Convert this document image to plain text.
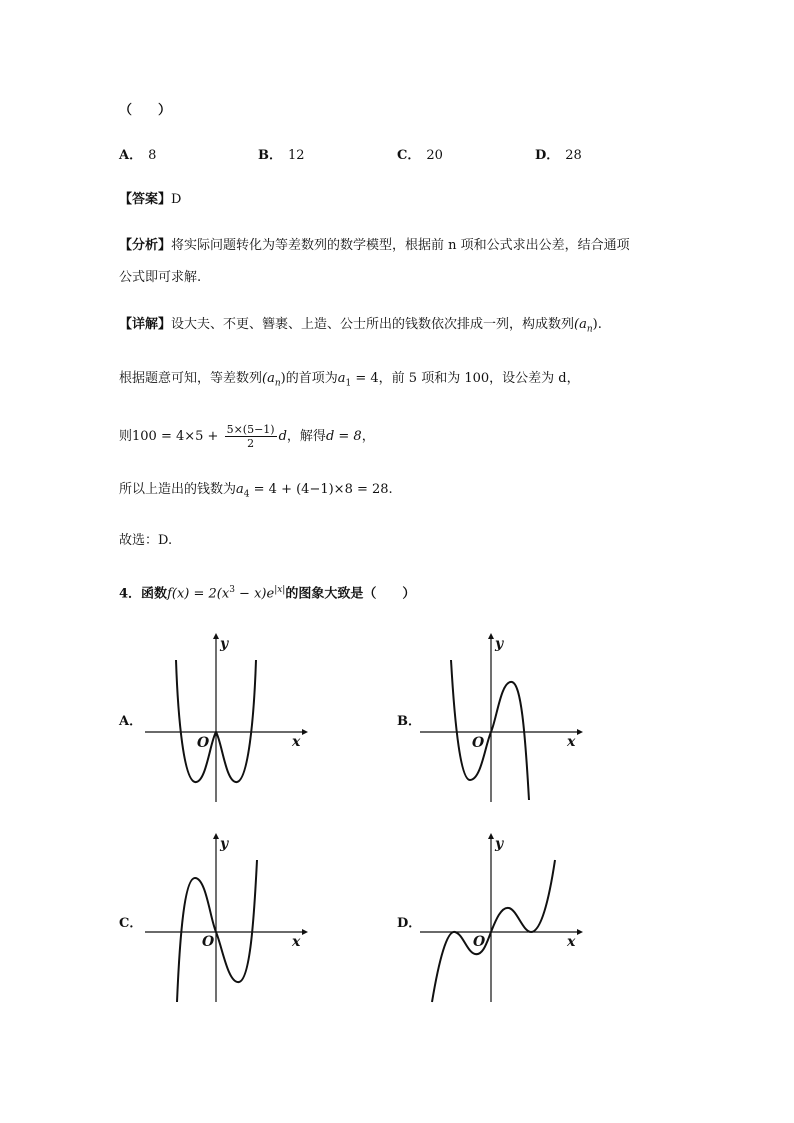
（　　）
A． 8	B． 12	C． 20	D． 28
【答案】D
【分析】将实际问题转化为等差数列的数学模型，根据前 n 项和公式求出公差，结合通项
公式即可求解.
【详解】设大夫、不更、簪裹、上造、公士所出的钱数依次排成一列，构成数列$(a_n)$.
根据题意可知，等差数列$(a_n)$的首项为$a_1 = 4$，前 5 项和为 100，设公差为 d，
则$100 = 4\times 5 + \frac{5\times(5-1)}{2}$ d，解得d = 8，
所以上造出的钱数为$a_4 = 4 + (4-1)\times 8 = 28$.
故选：D.
4．函数$f(x) = 2(x^3 - x)e^{|x|}$的图象大致是（　　）
A．
y
x
O
B．
y
x
O
C．
y
x
O
D．
y
x
O
